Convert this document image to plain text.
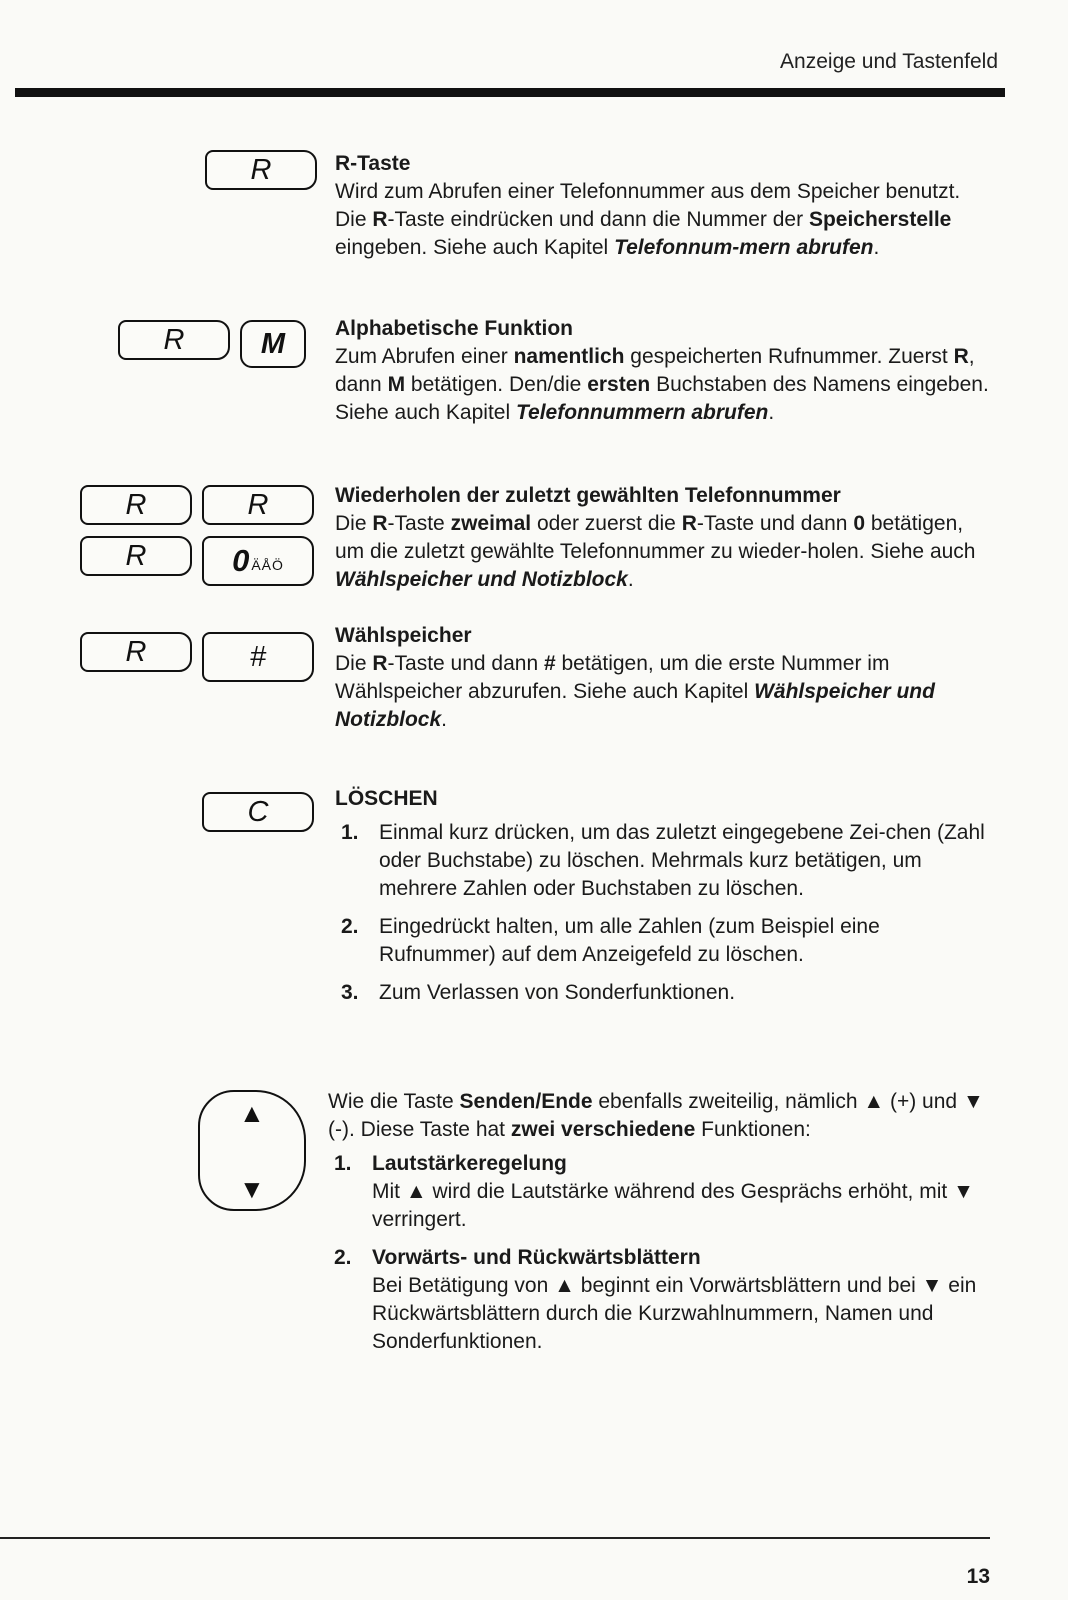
Anzeige und Tastenfeld
R
R	M
R	R
R	0 ÄÅÖ
R	#
C
▲
▼
R-Taste

Wird zum Abrufen einer Telefonnummer aus dem Speicher benutzt. Die R-Taste eindrücken und dann die Nummer der Speicherstelle eingeben. Siehe auch Kapitel Telefonnum-mern abrufen.

Alphabetische Funktion

Zum Abrufen einer namentlich gespeicherten Rufnummer. Zuerst R, dann M betätigen. Den/die ersten Buchstaben des Namens eingeben. Siehe auch Kapitel Telefonnummern abrufen.

Wiederholen der zuletzt gewählten Telefonnummer

Die R-Taste zweimal oder zuerst die R-Taste und dann 0 betätigen, um die zuletzt gewählte Telefonnummer zu wieder-holen. Siehe auch Wählspeicher und Notizblock.

Wählspeicher

Die R-Taste und dann # betätigen, um die erste Nummer im Wählspeicher abzurufen. Siehe auch Kapitel Wählspeicher und Notizblock.

LÖSCHEN
1. Einmal kurz drücken, um das zuletzt eingegebene Zei-chen (Zahl oder Buchstabe) zu löschen. Mehrmals kurz betätigen, um mehrere Zahlen oder Buchstaben zu löschen.
2. Eingedrückt halten, um alle Zahlen (zum Beispiel eine Rufnummer) auf dem Anzeigefeld zu löschen.
3. Zum Verlassen von Sonderfunktionen.

Wie die Taste Senden/Ende ebenfalls zweiteilig, nämlich ▲ (+) und ▼ (-). Diese Taste hat zwei verschiedene Funktionen:

1. Lautstärkeregelung
Mit ▲ wird die Lautstärke während des Gesprächs erhöht, mit ▼ verringert.
2. Vorwärts- und Rückwärtsblättern
Bei Betätigung von ▲ beginnt ein Vorwärtsblättern und bei ▼ ein Rückwärtsblättern durch die Kurzwahlnummern, Namen und Sonderfunktionen.
13
